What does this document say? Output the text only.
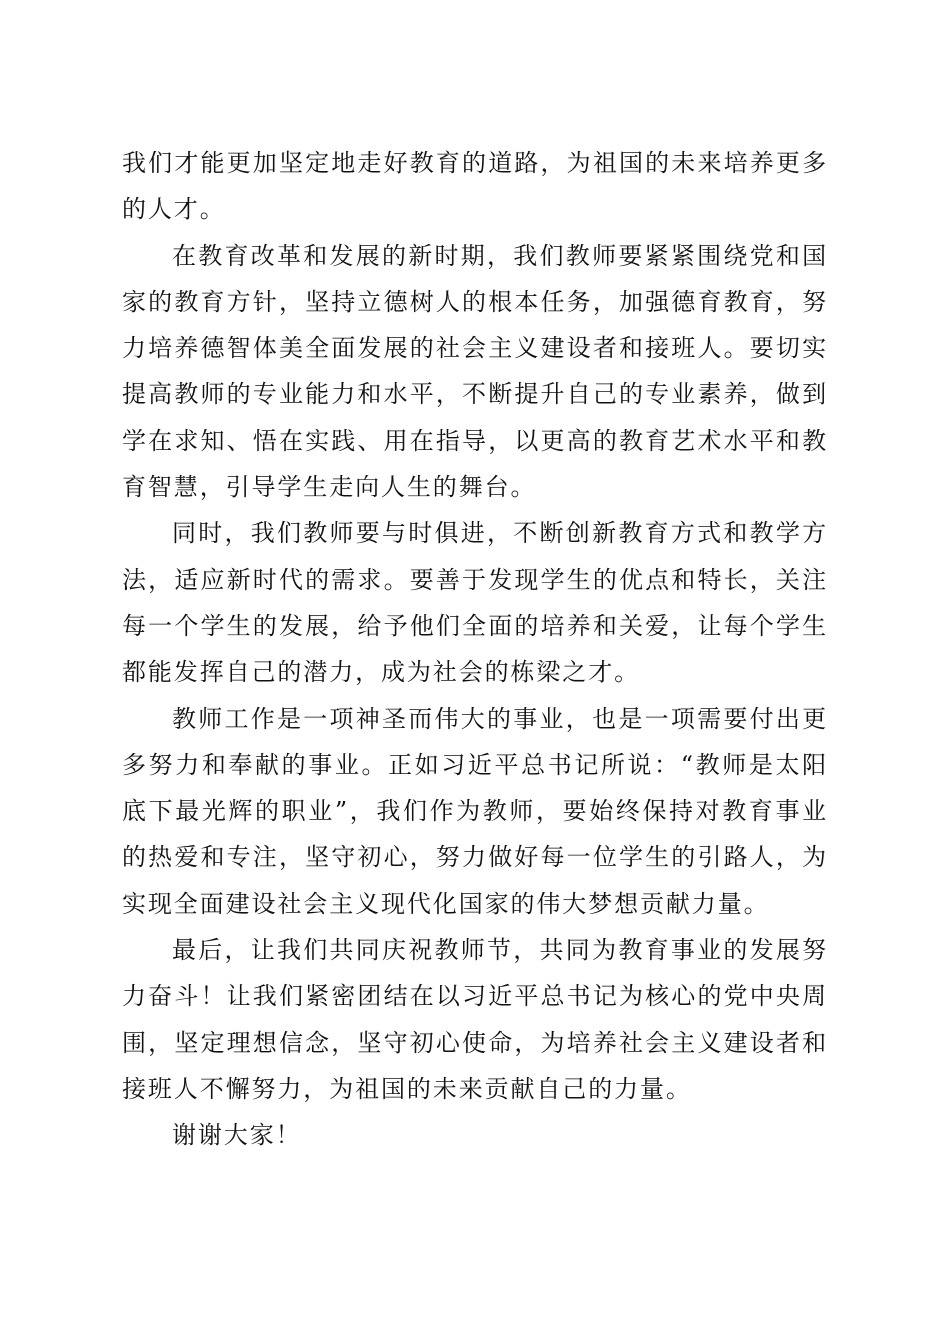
我们才能更加坚定地走好教育的道路，为祖国的未来培养更多的人才。

在教育改革和发展的新时期，我们教师要紧紧围绕党和国家的教育方针，坚持立德树人的根本任务，加强德育教育，努力培养德智体美全面发展的社会主义建设者和接班人。要切实提高教师的专业能力和水平，不断提升自己的专业素养，做到学在求知、悟在实践、用在指导，以更高的教育艺术水平和教育智慧，引导学生走向人生的舞台。

同时，我们教师要与时俱进，不断创新教育方式和教学方法，适应新时代的需求。要善于发现学生的优点和特长，关注每一个学生的发展，给予他们全面的培养和关爱，让每个学生都能发挥自己的潜力，成为社会的栋梁之才。

教师工作是一项神圣而伟大的事业，也是一项需要付出更多努力和奉献的事业。正如习近平总书记所说：“教师是太阳底下最光辉的职业”，我们作为教师，要始终保持对教育事业的热爱和专注，坚守初心，努力做好每一位学生的引路人，为实现全面建设社会主义现代化国家的伟大梦想贡献力量。

最后，让我们共同庆祝教师节，共同为教育事业的发展努力奋斗！让我们紧密团结在以习近平总书记为核心的党中央周围，坚定理想信念，坚守初心使命，为培养社会主义建设者和接班人不懈努力，为祖国的未来贡献自己的力量。

谢谢大家！
